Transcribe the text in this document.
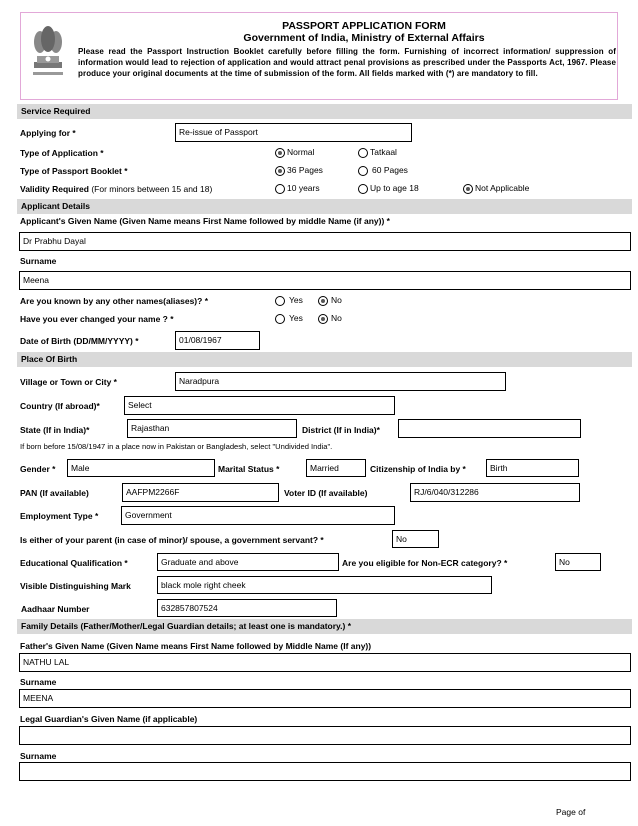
PASSPORT APPLICATION FORM
Government of India, Ministry of External Affairs
Please read the Passport Instruction Booklet carefully before filling the form. Furnishing of incorrect information/ suppression of information would lead to rejection of application and would attract penal provisions as prescribed under the Passports Act, 1967. Please produce your original documents at the time of submission of the form. All fields marked with (*) are mandatory to fill.
Service Required
Applying for *	Re-issue of Passport
Type of Application *	Normal	Tatkaal
Type of Passport Booklet *	36 Pages	60 Pages
Validity Required (For minors between 15 and 18)	10 years	Up to age 18	Not Applicable
Applicant Details
Applicant's Given Name (Given Name means First Name followed by middle Name (if any)) *
Dr Prabhu Dayal
Surname
Meena
Are you known by any other names(aliases)? *	Yes	No
Have you ever changed your name ? *	Yes	No
Date of Birth (DD/MM/YYYY) *	01/08/1967
Place Of Birth
Village or Town or City *	Naradpura
Country (If abroad)*	Select
State (If in India)*	Rajasthan	District (If in India)*
If born before 15/08/1947 in a place now in Pakistan or Bangladesh, select "Undivided India".
Gender *	Male	Marital Status *	Married	Citizenship of India by *	Birth
PAN (If available)	AAFPM2266F	Voter ID (If available)	RJ/6/040/312286
Employment Type *	Government
Is either of your parent (in case of minor)/ spouse, a government servant? *	No
Educational Qualification *	Graduate and above	Are you eligible for Non-ECR category? *	No
Visible Distinguishing Mark	black mole right cheek
Aadhaar Number	632857807524
Family Details (Father/Mother/Legal Guardian details; at least one is mandatory.) *
Father's Given Name (Given Name means First Name followed by Middle Name (If any))
NATHU LAL
Surname
MEENA
Legal Guardian's Given Name (if applicable)
Surname
Page of
